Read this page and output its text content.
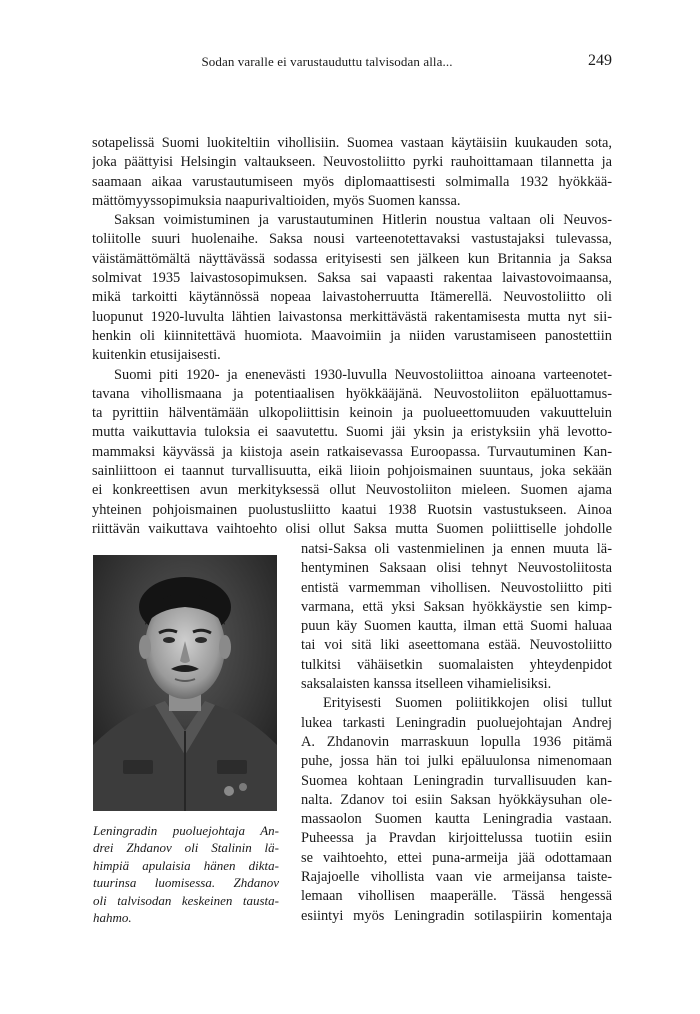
Sodan varalle ei varustauduttu talvisodan alla...	249
sotapelissä Suomi luokiteltiin vihollisiin. Suomea vastaan käytäisiin kuukauden sota,
joka päättyisi Helsingin valtaukseen. Neuvostoliitto pyrki rauhoittamaan tilannetta ja
saamaan aikaa varustautumiseen myös diplomaattisesti solmimalla 1932 hyökkää-
mättömyyssopimuksia naapurivaltioiden, myös Suomen kanssa.
Saksan voimistuminen ja varustautuminen Hitlerin noustua valtaan oli Neuvos-
toliitolle suuri huolenaihe. Saksa nousi varteenotettavaksi vastustajaksi tulevassa,
väistämättömältä näyttävässä sodassa erityisesti sen jälkeen kun Britannia ja Saksa
solmivat 1935 laivastosopimuksen. Saksa sai vapaasti rakentaa laivastovoimaansa,
mikä tarkoitti käytännössä nopeaa laivastoherruutta Itämerellä. Neuvostoliitto oli
luopunut 1920-luvulta lähtien laivastonsa merkittävästä rakentamisesta mutta nyt sii-
henkin oli kiinnitettävä huomiota. Maavoimiin ja niiden varustamiseen panostettiin
kuitenkin etusijaisesti.
Suomi piti 1920- ja enenevästi 1930-luvulla Neuvostoliittoa ainoana varteenotet-
tavana vihollismaana ja potentiaalisen hyökkääjänä. Neuvostoliiton epäluottamus-
ta pyrittiin hälventämään ulkopoliittisin keinoin ja puolueettomuuden vakuutteluin
mutta vaikuttavia tuloksia ei saavutettu. Suomi jäi yksin ja eristyksiin yhä levotto-
mammaksi käyvässä ja kiistoja asein ratkaisevassa Euroopassa. Turvautuminen Kan-
sainliittoon ei taannut turvallisuutta, eikä liioin pohjoismainen suuntaus, joka sekään
ei konkreettisen avun merkityksessä ollut Neuvostoliiton mieleen. Suomen ajama
yhteinen pohjoismainen puolustusliitto kaatui 1938 Ruotsin vastustukseen. Ainoa
riittävän vaikuttava vaihtoehto olisi ollut Saksa mutta Suomen poliittiselle johdolle
Leningradin puoluejohtaja An-
drei Zhdanov oli Stalinin lä-
himpiä apulaisia hänen dikta-
tuurinsa luomisessa. Zhdanov
oli talvisodan keskeinen tausta-
hahmo.
natsi-Saksa oli vastenmielinen ja ennen muuta lä-
hentyminen Saksaan olisi tehnyt Neuvostoliitosta
entistä varmemman vihollisen. Neuvostoliitto piti
varmana, että yksi Saksan hyökkäystie sen kimp-
puun käy Suomen kautta, ilman että Suomi haluaa
tai voi sitä liki aseettomana estää. Neuvostoliitto
tulkitsi vähäisetkin suomalaisten yhteydenpidot
saksalaisten kanssa itselleen vihamielisiksi.
Erityisesti Suomen poliitikkojen olisi tullut
lukea tarkasti Leningradin puoluejohtajan Andrej
A. Zhdanovin marraskuun lopulla 1936 pitämä
puhe, jossa hän toi julki epäluulonsa nimenomaan
Suomea kohtaan Leningradin turvallisuuden kan-
nalta. Zdanov toi esiin Saksan hyökkäysuhan ole-
massaolon Suomen kautta Leningradia vastaan.
Puheessa ja Pravdan kirjoittelussa tuotiin esiin
se vaihtoehto, ettei puna-armeija jää odottamaan
Rajajoelle vihollista vaan vie armeijansa taiste-
lemaan vihollisen maaperälle. Tässä hengessä
esiintyi myös Leningradin sotilaspiirin komentaja
